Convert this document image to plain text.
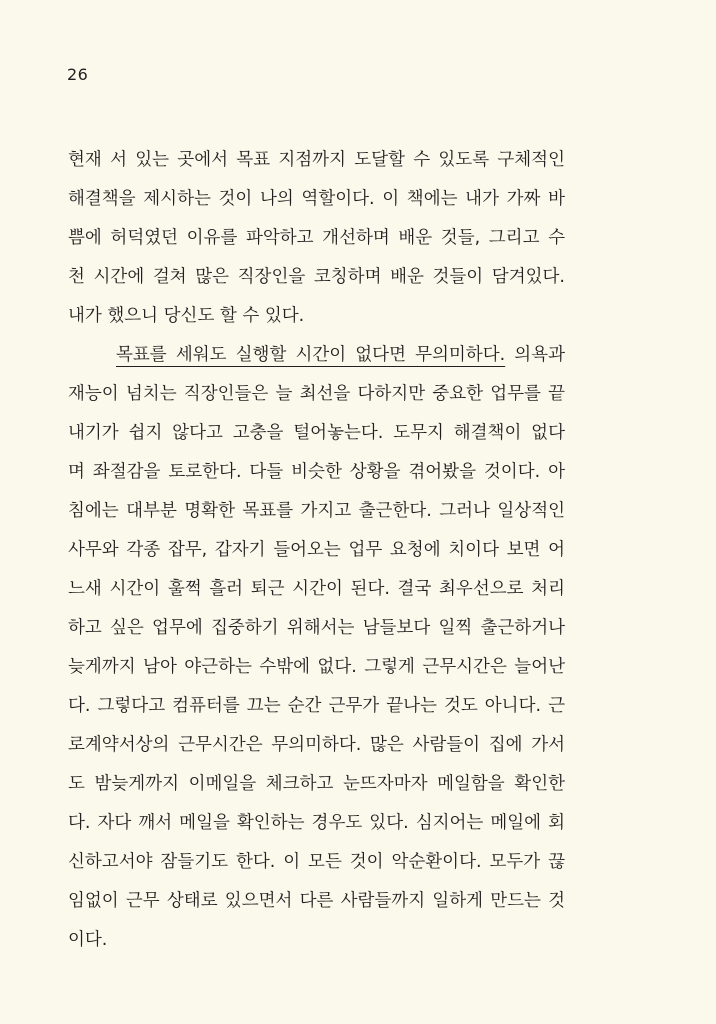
26
현재 서 있는 곳에서 목표 지점까지 도달할 수 있도록 구체적인
해결책을 제시하는 것이 나의 역할이다. 이 책에는 내가 가짜 바
쁨에 허덕였던 이유를 파악하고 개선하며 배운 것들, 그리고 수
천 시간에 걸쳐 많은 직장인을 코칭하며 배운 것들이 담겨있다.
내가 했으니 당신도 할 수 있다.
목표를 세워도 실행할 시간이 없다면 무의미하다. 의욕과
재능이 넘치는 직장인들은 늘 최선을 다하지만 중요한 업무를 끝
내기가 쉽지 않다고 고충을 털어놓는다. 도무지 해결책이 없다
며 좌절감을 토로한다. 다들 비슷한 상황을 겪어봤을 것이다. 아
침에는 대부분 명확한 목표를 가지고 출근한다. 그러나 일상적인
사무와 각종 잡무, 갑자기 들어오는 업무 요청에 치이다 보면 어
느새 시간이 훌쩍 흘러 퇴근 시간이 된다. 결국 최우선으로 처리
하고 싶은 업무에 집중하기 위해서는 남들보다 일찍 출근하거나
늦게까지 남아 야근하는 수밖에 없다. 그렇게 근무시간은 늘어난
다. 그렇다고 컴퓨터를 끄는 순간 근무가 끝나는 것도 아니다. 근
로계약서상의 근무시간은 무의미하다. 많은 사람들이 집에 가서
도 밤늦게까지 이메일을 체크하고 눈뜨자마자 메일함을 확인한
다. 자다 깨서 메일을 확인하는 경우도 있다. 심지어는 메일에 회
신하고서야 잠들기도 한다. 이 모든 것이 악순환이다. 모두가 끊
임없이 근무 상태로 있으면서 다른 사람들까지 일하게 만드는 것
이다.
